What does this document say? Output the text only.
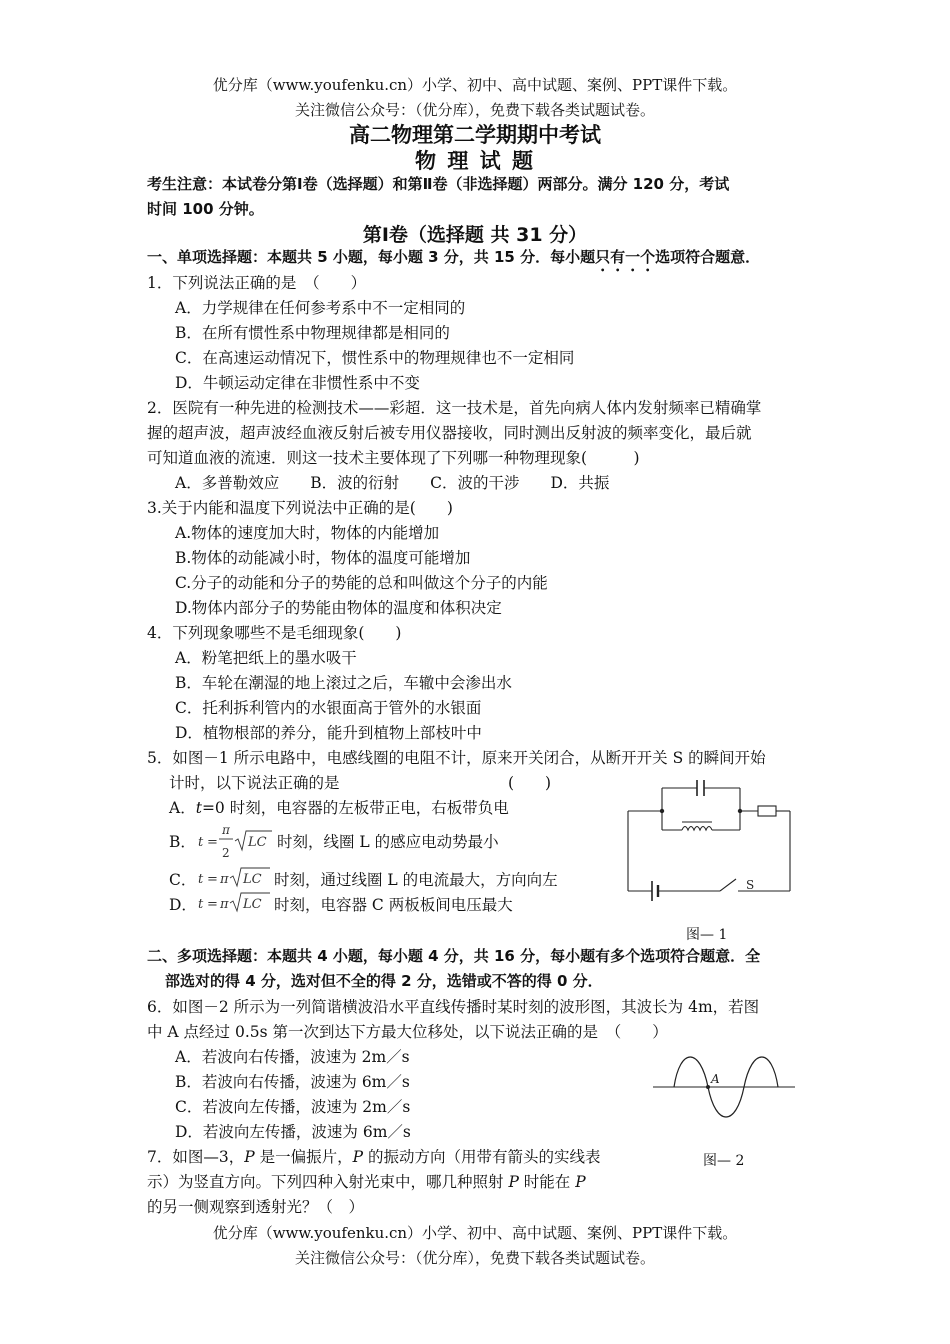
优分库（www.youfenku.cn）小学、初中、高中试题、案例、PPT课件下载。
关注微信公众号：（优分库），免费下载各类试题试卷。
高二物理第二学期期中考试
物 理 试 题
考生注意：本试卷分第Ⅰ卷（选择题）和第Ⅱ卷（非选择题）两部分。满分 120 分，考试
时间 100 分钟。
第Ⅰ卷（选择题 共 31 分）
一、单项选择题：本题共 5 小题，每小题 3 分，共 15 分．每小题只有一个选项符合题意．
1．下列说法正确的是　（　　）
A．力学规律在任何参考系中不一定相同的
B．在所有惯性系中物理规律都是相同的
C．在高速运动情况下，惯性系中的物理规律也不一定相同
D．牛顿运动定律在非惯性系中不变
2．医院有一种先进的检测技术——彩超．这一技术是，首先向病人体内发射频率已精确掌
握的超声波，超声波经血液反射后被专用仪器接收，同时测出反射波的频率变化，最后就
可知道血液的流速．则这一技术主要体现了下列哪一种物理现象(　　　)
A．多普勒效应　　B．波的衍射　　C．波的干涉　　D．共振
3.关于内能和温度下列说法中正确的是(　　)
A.物体的速度加大时，物体的内能增加
B.物体的动能减小时，物体的温度可能增加
C.分子的动能和分子的势能的总和叫做这个分子的内能
D.物体内部分子的势能由物体的温度和体积决定
4．下列现象哪些不是毛细现象(　　)
A．粉笔把纸上的墨水吸干
B．车轮在潮湿的地上滚过之后，车辙中会渗出水
C．托利拆利管内的水银面高于管外的水银面
D．植物根部的养分，能升到植物上部枝叶中
5．如图－1 所示电路中，电感线圈的电阻不计，原来开关闭合，从断开开关 S 的瞬间开始
计时，以下说法正确的是	(　　)
A．t=0 时刻，电容器的左板带正电，右板带负电
B． t =
π
2
LC 时刻，线圈 L 的感应电动势最小
C． t = π LC 时刻，通过线圈 L 的电流最大，方向向左
D． t = π LC 时刻，电容器 C 两板板间电压最大
S
图— 1
二、多项选择题：本题共 4 小题，每小题 4 分，共 16 分，每小题有多个选项符合题意．全
部选对的得 4 分，选对但不全的得 2 分，选错或不答的得 0 分．
6．如图－2 所示为一列简谐横波沿水平直线传播时某时刻的波形图，其波长为 4m，若图
中 A 点经过 0.5s 第一次到达下方最大位移处，以下说法正确的是　（　　）
A．若波向右传播，波速为 2m／s
B．若波向右传播，波速为 6m／s
C．若波向左传播，波速为 2m／s
D．若波向左传播，波速为 6m／s
A
图— 2
7．如图—3，P 是一偏振片，P 的振动方向（用带有箭头的实线表
示）为竖直方向。下列四种入射光束中，哪几种照射 P 时能在 P
的另一侧观察到透射光？（　）
优分库（www.youfenku.cn）小学、初中、高中试题、案例、PPT课件下载。
关注微信公众号：（优分库），免费下载各类试题试卷。
